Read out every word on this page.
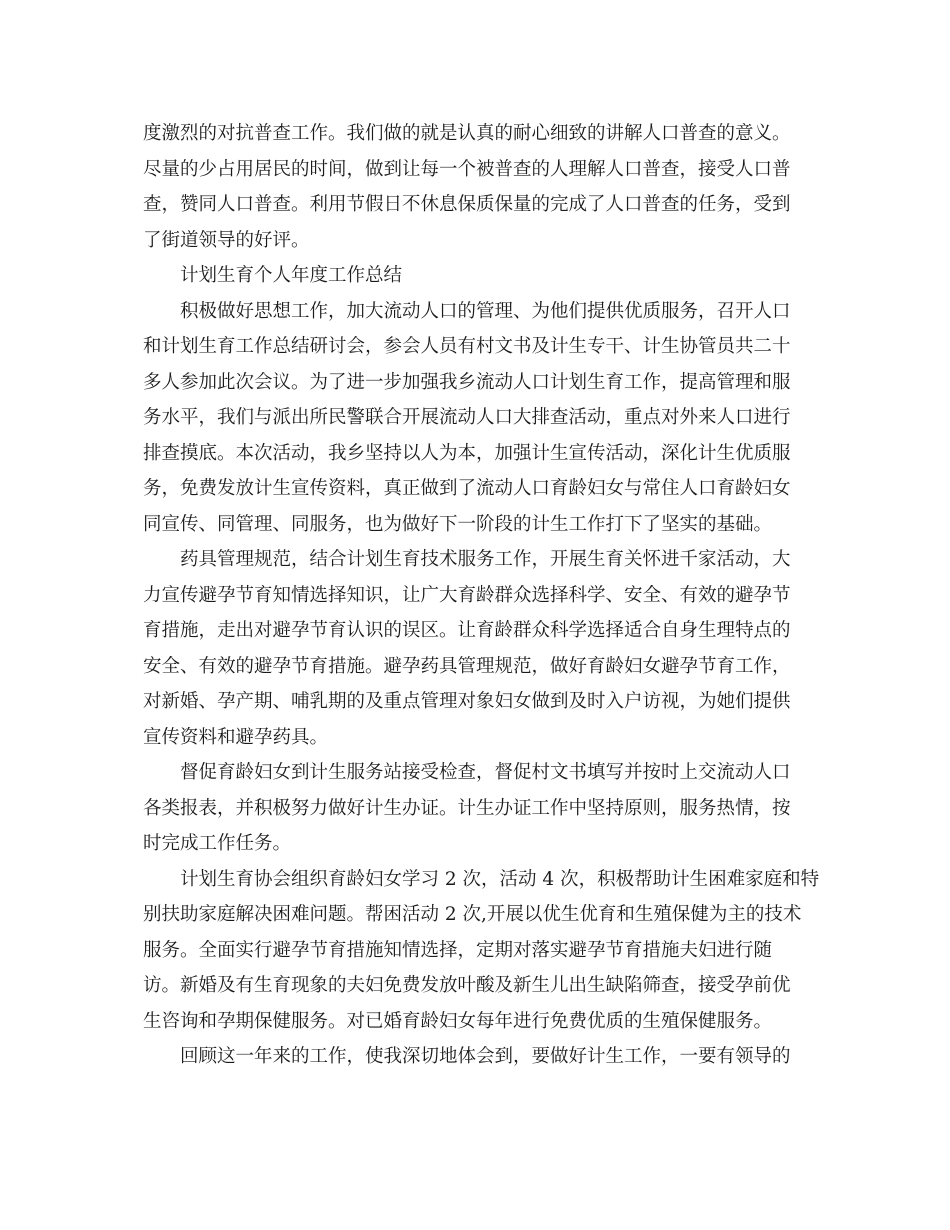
度激烈的对抗普查工作。我们做的就是认真的耐心细致的讲解人口普查的意义。
尽量的少占用居民的时间，做到让每一个被普查的人理解人口普查，接受人口普
查，赞同人口普查。利用节假日不休息保质保量的完成了人口普查的任务，受到
了街道领导的好评。
计划生育个人年度工作总结
积极做好思想工作，加大流动人口的管理、为他们提供优质服务，召开人口
和计划生育工作总结研讨会，参会人员有村文书及计生专干、计生协管员共二十
多人参加此次会议。为了进一步加强我乡流动人口计划生育工作，提高管理和服
务水平，我们与派出所民警联合开展流动人口大排查活动，重点对外来人口进行
排查摸底。本次活动，我乡坚持以人为本，加强计生宣传活动，深化计生优质服
务，免费发放计生宣传资料，真正做到了流动人口育龄妇女与常住人口育龄妇女
同宣传、同管理、同服务，也为做好下一阶段的计生工作打下了坚实的基础。
药具管理规范，结合计划生育技术服务工作，开展生育关怀进千家活动，大
力宣传避孕节育知情选择知识，让广大育龄群众选择科学、安全、有效的避孕节
育措施，走出对避孕节育认识的误区。让育龄群众科学选择适合自身生理特点的
安全、有效的避孕节育措施。避孕药具管理规范，做好育龄妇女避孕节育工作，
对新婚、孕产期、哺乳期的及重点管理对象妇女做到及时入户访视，为她们提供
宣传资料和避孕药具。
督促育龄妇女到计生服务站接受检查，督促村文书填写并按时上交流动人口
各类报表，并积极努力做好计生办证。计生办证工作中坚持原则，服务热情，按
时完成工作任务。
计划生育协会组织育龄妇女学习 2 次，活动 4 次，积极帮助计生困难家庭和特
别扶助家庭解决困难问题。帮困活动 2 次,开展以优生优育和生殖保健为主的技术
服务。全面实行避孕节育措施知情选择，定期对落实避孕节育措施夫妇进行随
访。新婚及有生育现象的夫妇免费发放叶酸及新生儿出生缺陷筛查，接受孕前优
生咨询和孕期保健服务。对已婚育龄妇女每年进行免费优质的生殖保健服务。
回顾这一年来的工作，使我深切地体会到，要做好计生工作，一要有领导的
